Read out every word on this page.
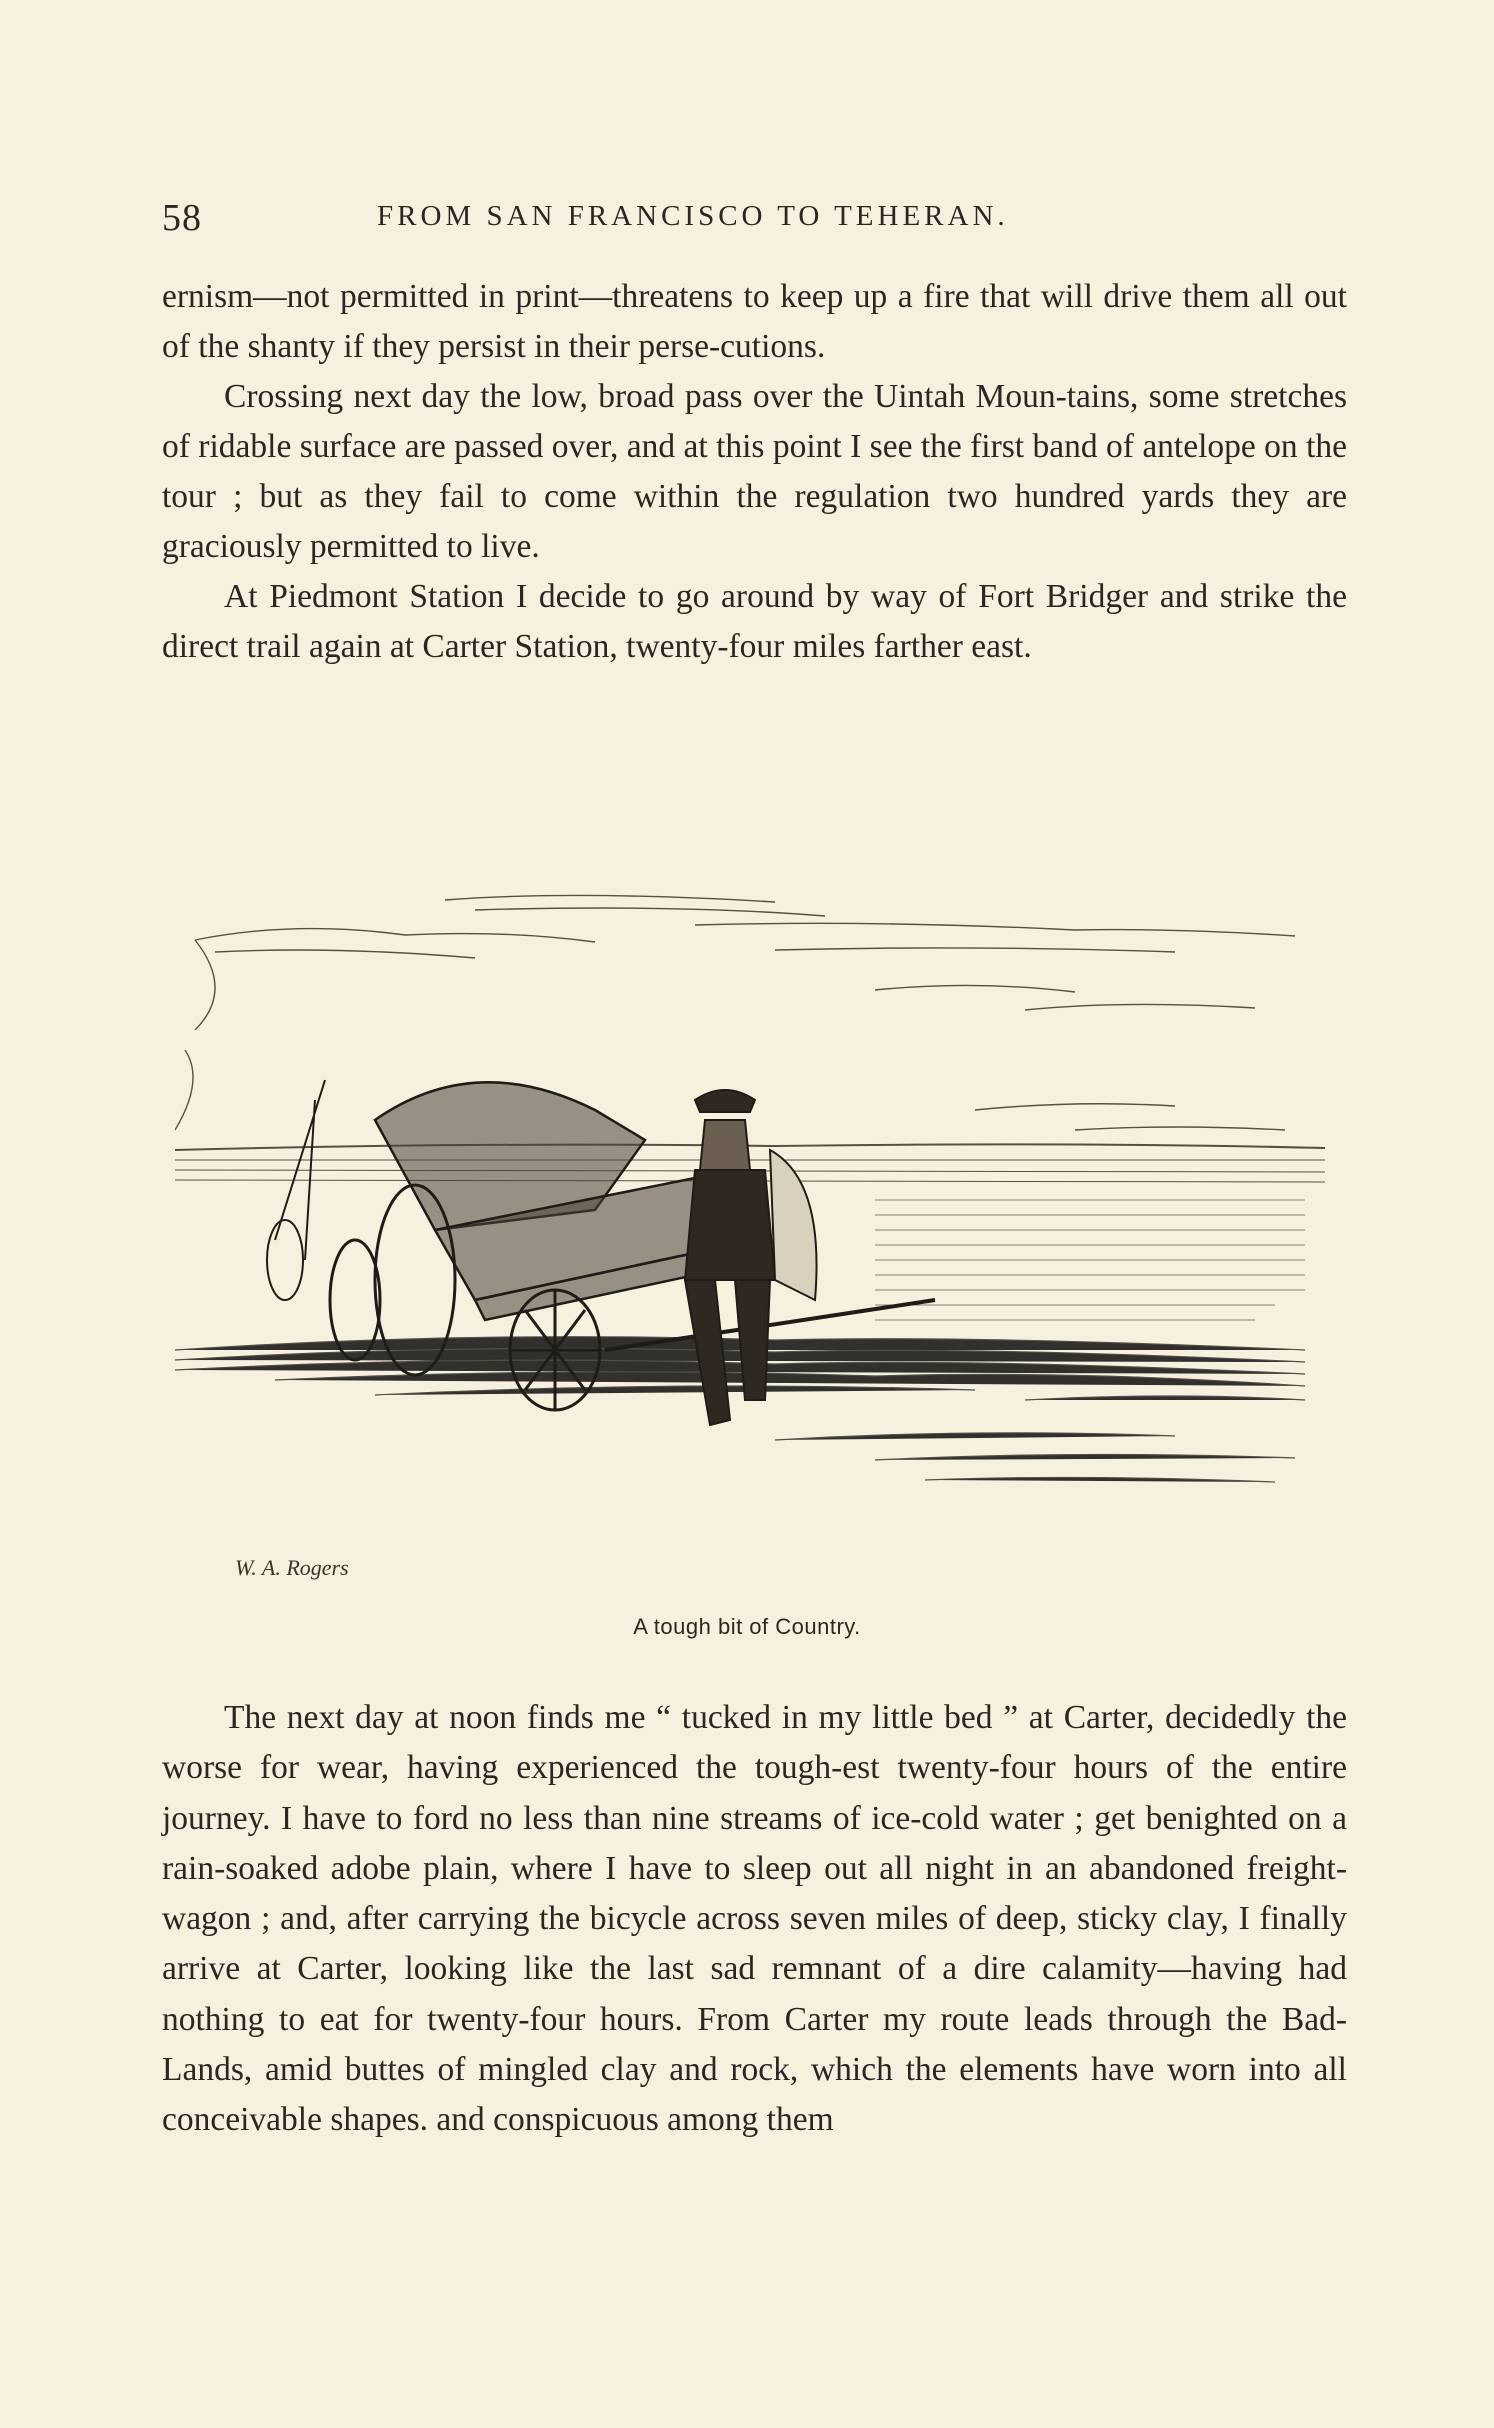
58	FROM SAN FRANCISCO TO TEHERAN.

ernism—not permitted in print—threatens to keep up a fire that will drive them all out of the shanty if they persist in their perse-cutions.

Crossing next day the low, broad pass over the Uintah Moun-tains, some stretches of ridable surface are passed over, and at this point I see the first band of antelope on the tour ; but as they fail to come within the regulation two hundred yards they are graciously permitted to live.

At Piedmont Station I decide to go around by way of Fort Bridger and strike the direct trail again at Carter Station, twenty-four miles farther east.

W. A. Rogers
A tough bit of Country.

The next day at noon finds me “ tucked in my little bed ” at Carter, decidedly the worse for wear, having experienced the tough-est twenty-four hours of the entire journey. I have to ford no less than nine streams of ice-cold water ; get benighted on a rain-soaked adobe plain, where I have to sleep out all night in an abandoned freight-wagon ; and, after carrying the bicycle across seven miles of deep, sticky clay, I finally arrive at Carter, looking like the last sad remnant of a dire calamity—having had nothing to eat for twenty-four hours. From Carter my route leads through the Bad-Lands, amid buttes of mingled clay and rock, which the elements have worn into all conceivable shapes. and conspicuous among them
